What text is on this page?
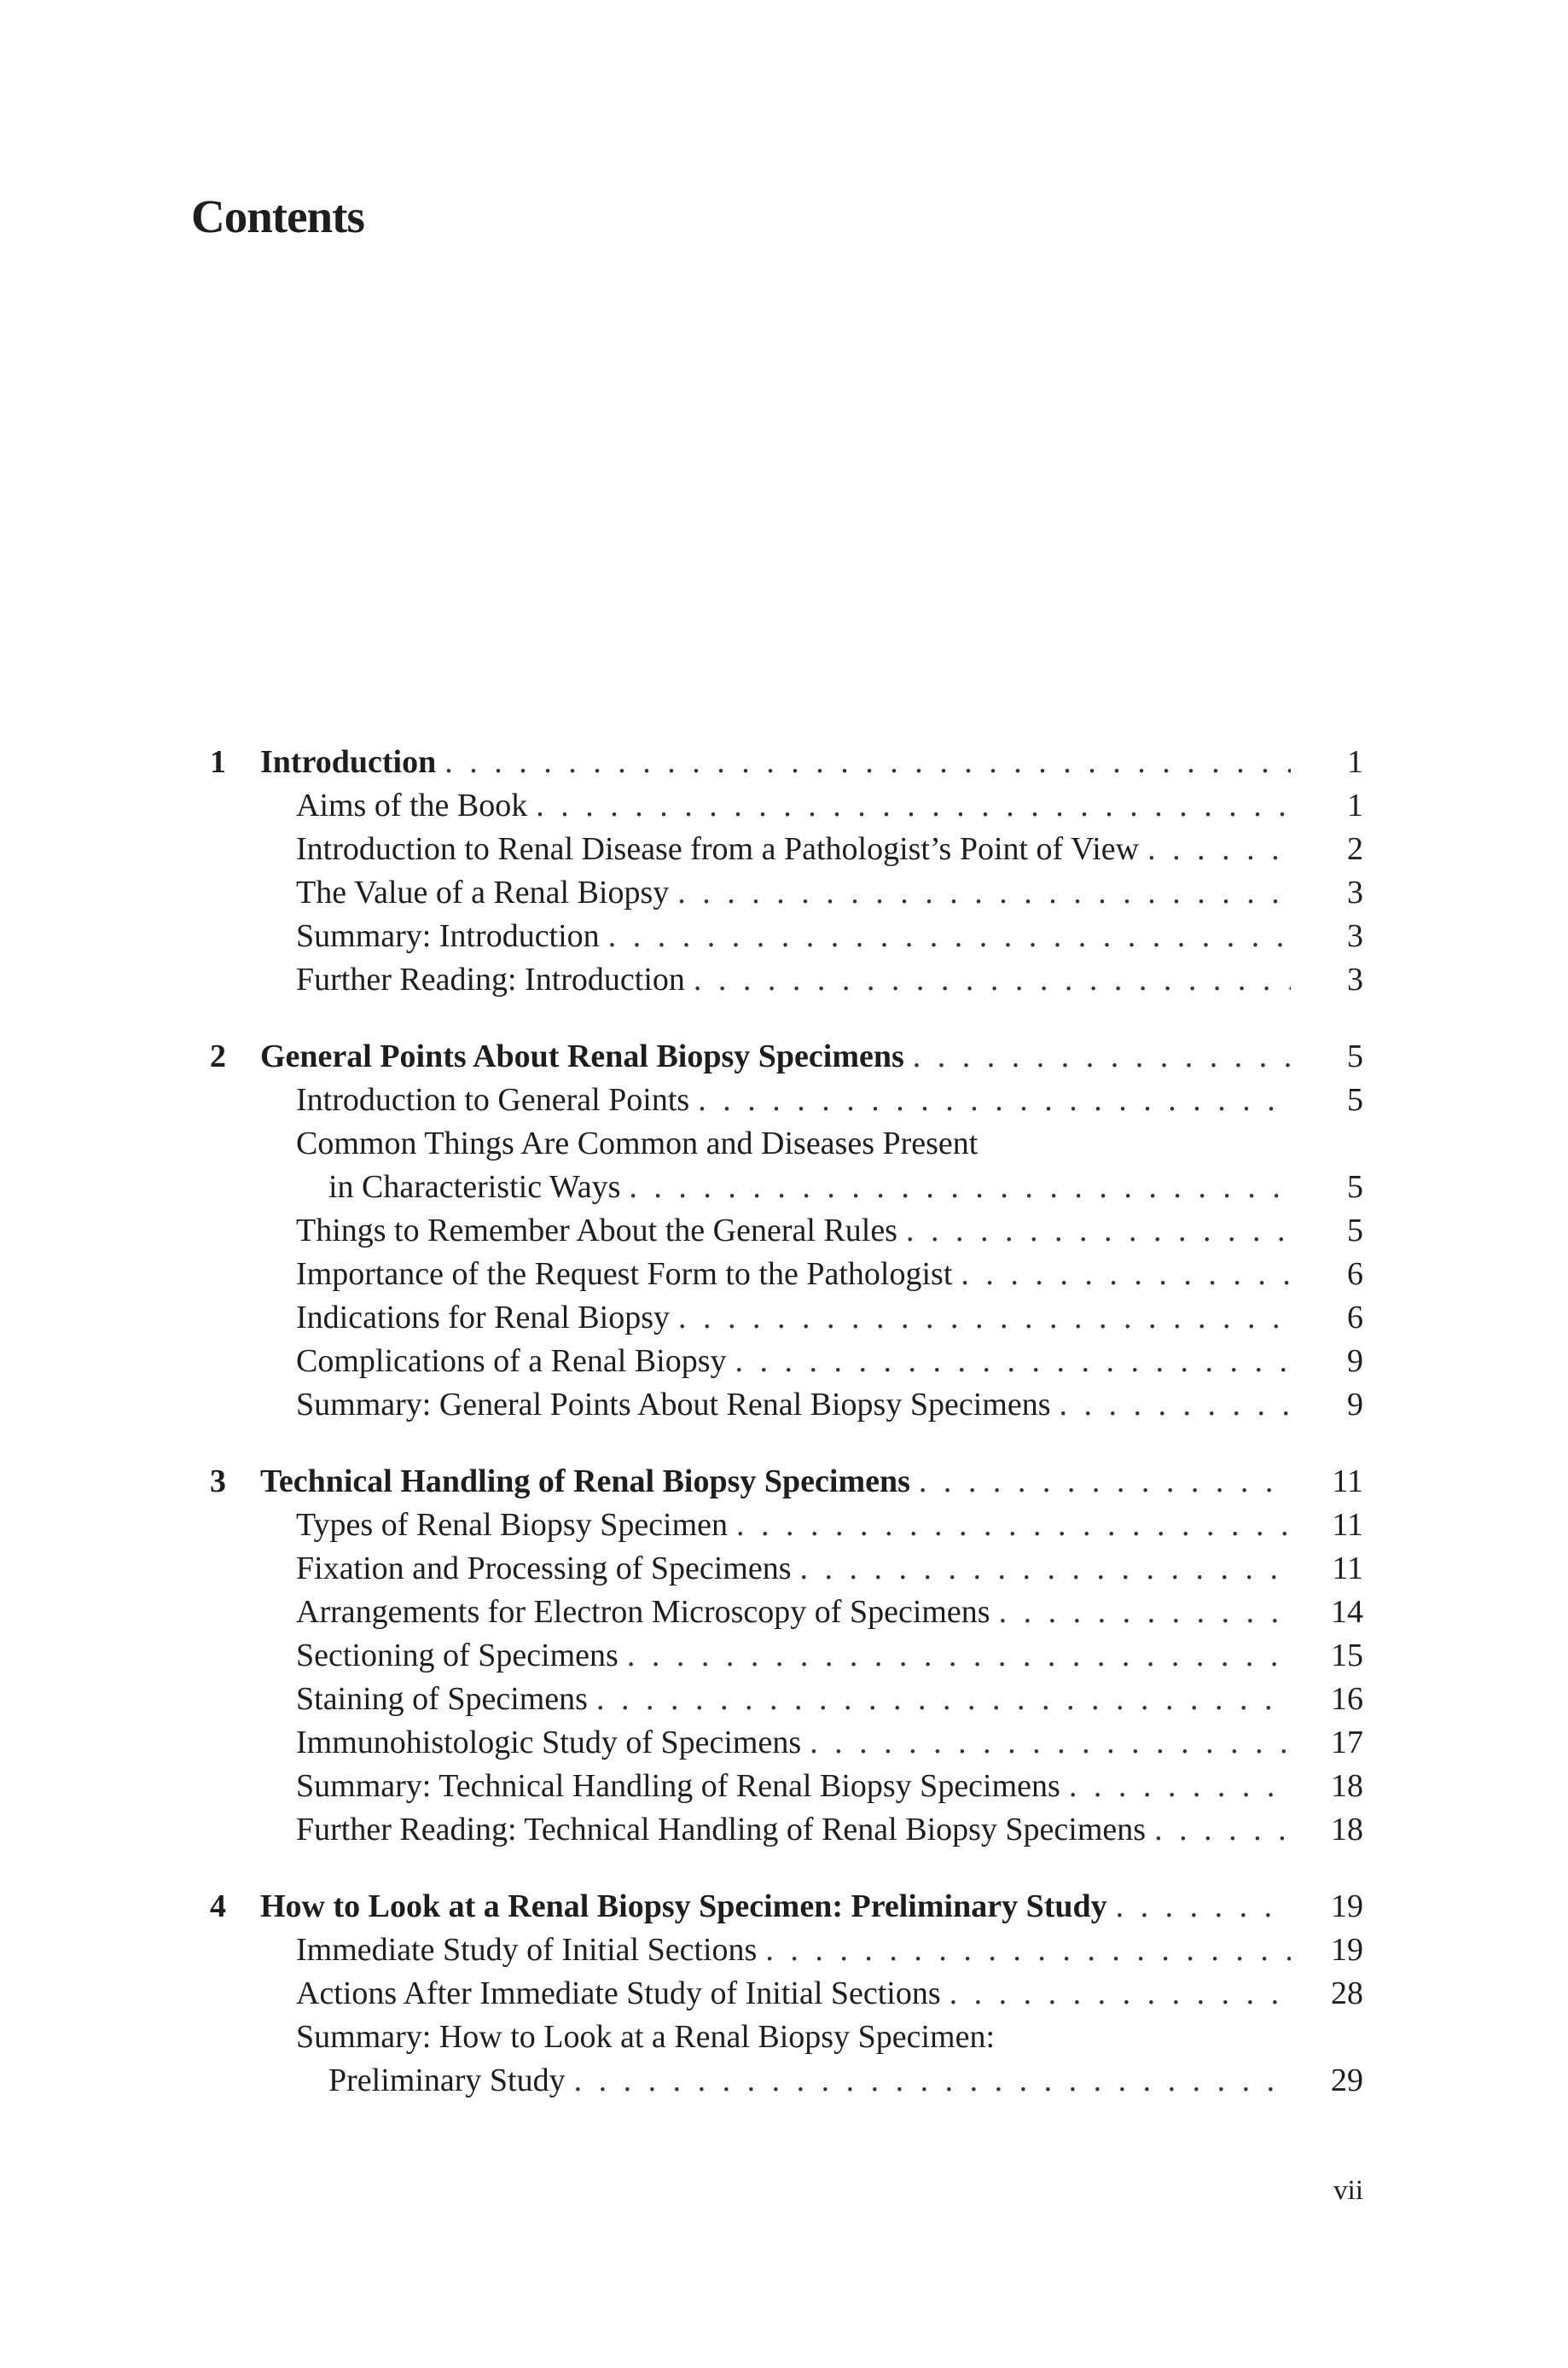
Contents
1	Introduction . . .	1
Aims of the Book . . .	1
Introduction to Renal Disease from a Pathologist’s Point of View . . .	2
The Value of a Renal Biopsy . . .	3
Summary: Introduction . . .	3
Further Reading: Introduction . . .	3
2	General Points About Renal Biopsy Specimens . . .	5
Introduction to General Points . . .	5
Common Things Are Common and Diseases Present
in Characteristic Ways . . .	5
Things to Remember About the General Rules . . .	5
Importance of the Request Form to the Pathologist . . .	6
Indications for Renal Biopsy . . .	6
Complications of a Renal Biopsy . . .	9
Summary: General Points About Renal Biopsy Specimens . . .	9
3	Technical Handling of Renal Biopsy Specimens . . .	11
Types of Renal Biopsy Specimen . . .	11
Fixation and Processing of Specimens . . .	11
Arrangements for Electron Microscopy of Specimens . . .	14
Sectioning of Specimens . . .	15
Staining of Specimens . . .	16
Immunohistologic Study of Specimens . . .	17
Summary: Technical Handling of Renal Biopsy Specimens . . .	18
Further Reading: Technical Handling of Renal Biopsy Specimens . . .	18
4	How to Look at a Renal Biopsy Specimen: Preliminary Study . . .	19
Immediate Study of Initial Sections . . .	19
Actions After Immediate Study of Initial Sections . . .	28
Summary: How to Look at a Renal Biopsy Specimen:
Preliminary Study . . .	29
vii
